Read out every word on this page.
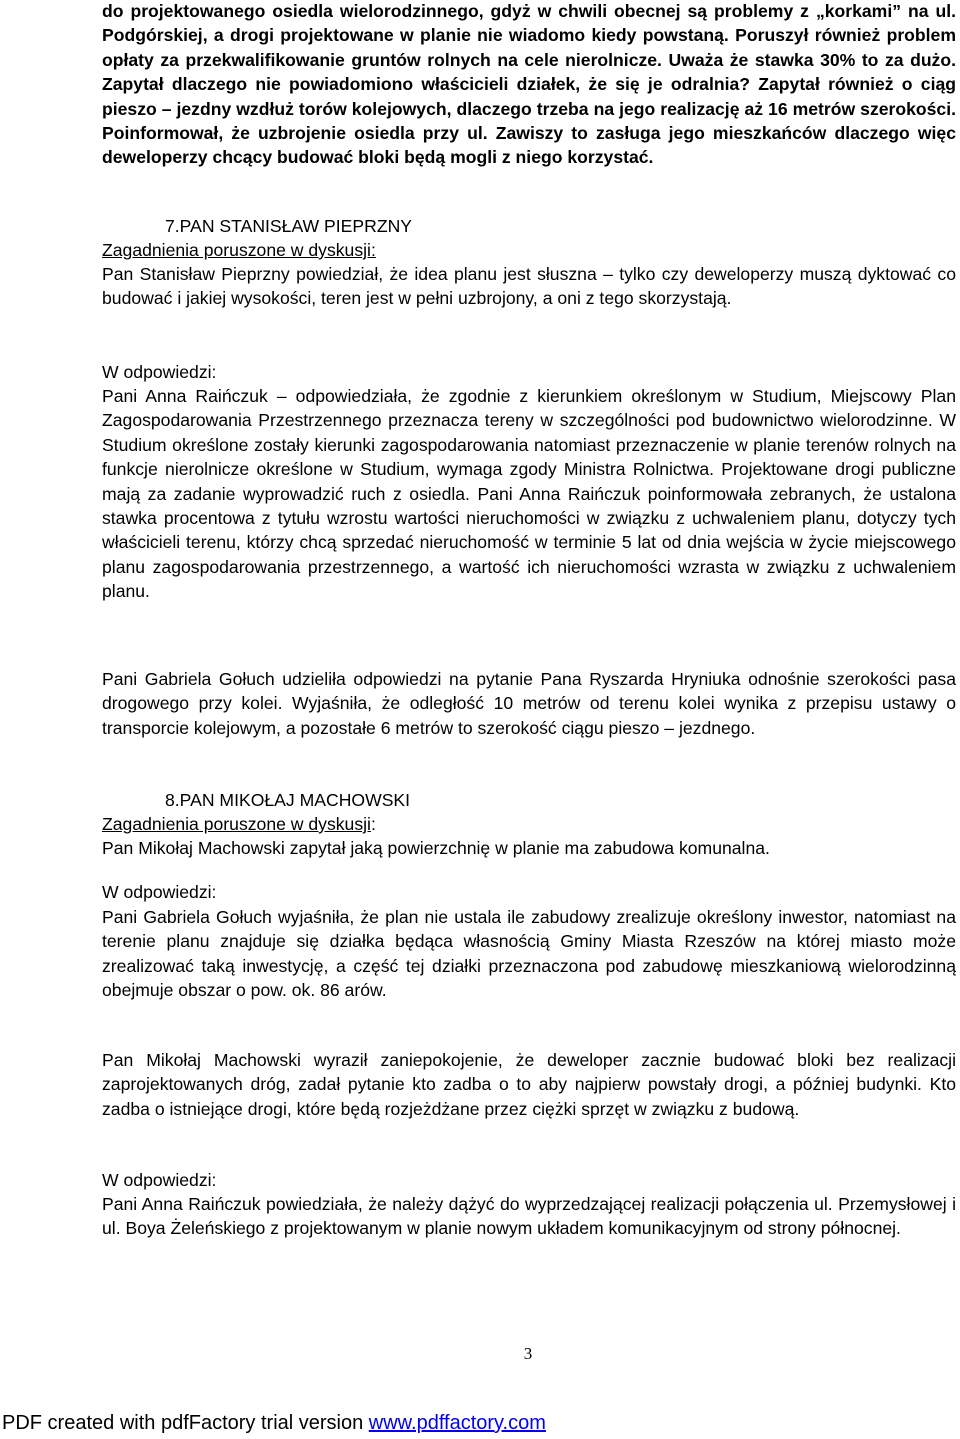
do projektowanego osiedla wielorodzinnego, gdyż w chwili obecnej są problemy z „korkami” na ul. Podgórskiej, a drogi projektowane w planie nie wiadomo kiedy powstaną. Poruszył również problem opłaty za przekwalifikowanie gruntów rolnych na cele nierolnicze. Uważa że stawka 30% to za dużo. Zapytał dlaczego nie powiadomiono właścicieli działek, że się je odralnia? Zapytał również o ciąg pieszo – jezdny wzdłuż torów kolejowych, dlaczego trzeba na jego realizację aż 16 metrów szerokości. Poinformował, że uzbrojenie osiedla przy ul. Zawiszy to zasługa jego mieszkańców dlaczego więc deweloperzy chcący budować bloki będą mogli z niego korzystać.

7.PAN STANISŁAW PIEPRZNY
Zagadnienia poruszone w dyskusji:

Pan Stanisław Pieprzny powiedział, że idea planu jest słuszna – tylko czy deweloperzy muszą dyktować co budować i jakiej wysokości, teren jest w pełni uzbrojony, a oni z tego skorzystają.

W odpowiedzi:

Pani Anna Raińczuk – odpowiedziała, że zgodnie z kierunkiem określonym w Studium, Miejscowy Plan Zagospodarowania Przestrzennego przeznacza tereny w szczególności pod budownictwo wielorodzinne. W Studium określone zostały kierunki zagospodarowania natomiast przeznaczenie w planie terenów rolnych na funkcje nierolnicze określone w Studium, wymaga zgody Ministra Rolnictwa. Projektowane drogi publiczne mają za zadanie wyprowadzić ruch z osiedla. Pani Anna Raińczuk poinformowała zebranych, że ustalona stawka procentowa z tytułu wzrostu wartości nieruchomości w związku z uchwaleniem planu, dotyczy tych właścicieli terenu, którzy chcą sprzedać nieruchomość w terminie 5 lat od dnia wejścia w życie miejscowego planu zagospodarowania przestrzennego, a wartość ich nieruchomości wzrasta w związku z uchwaleniem planu.

Pani Gabriela Gołuch udzieliła odpowiedzi na pytanie Pana Ryszarda Hryniuka odnośnie szerokości pasa drogowego przy kolei. Wyjaśniła, że odległość 10 metrów od terenu kolei wynika z przepisu ustawy o transporcie kolejowym, a pozostałe 6 metrów to szerokość ciągu pieszo – jezdnego.

8.PAN MIKOŁAJ MACHOWSKI
Zagadnienia poruszone w dyskusji:

Pan Mikołaj Machowski zapytał jaką powierzchnię w planie ma zabudowa komunalna.

W odpowiedzi:

Pani Gabriela Gołuch wyjaśniła, że plan nie ustala ile zabudowy zrealizuje określony inwestor, natomiast na terenie planu znajduje się działka będąca własnością Gminy Miasta Rzeszów na której miasto może zrealizować taką inwestycję, a część tej działki przeznaczona pod zabudowę mieszkaniową wielorodzinną obejmuje obszar o pow. ok. 86 arów.

Pan Mikołaj Machowski wyraził zaniepokojenie, że deweloper zacznie budować bloki bez realizacji zaprojektowanych dróg, zadał pytanie kto zadba o to aby najpierw powstały drogi, a później budynki. Kto zadba o istniejące drogi, które będą rozjeżdżane przez ciężki sprzęt w związku z budową.

W odpowiedzi:

Pani Anna Raińczuk powiedziała, że należy dążyć do wyprzedzającej realizacji połączenia ul. Przemysłowej i ul. Boya Żeleńskiego z projektowanym w planie nowym układem komunikacyjnym od strony północnej.

3
PDF created with pdfFactory trial version www.pdffactory.com
